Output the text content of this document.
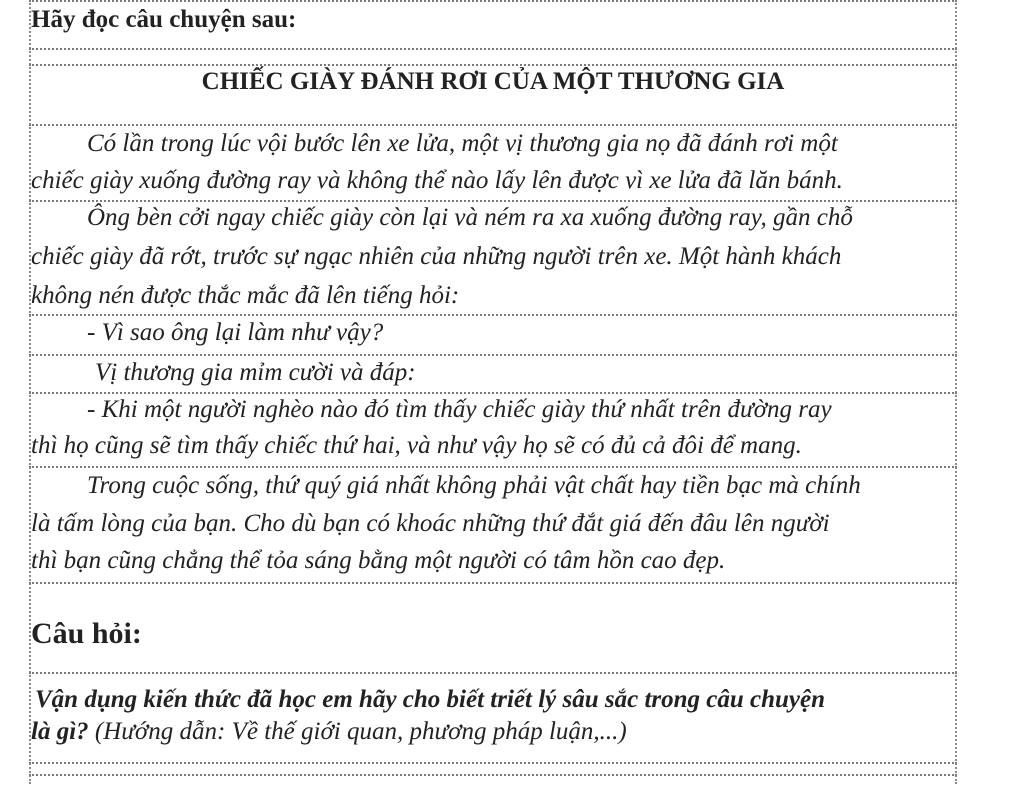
Hãy đọc câu chuyện sau:
CHIẾC GIÀY ĐÁNH RƠI CỦA MỘT THƯƠNG GIA
Có lần trong lúc vội bước lên xe lửa, một vị thương gia nọ đã đánh rơi một
chiếc giày xuống đường ray và không thể nào lấy lên được vì xe lửa đã lăn bánh.
Ông bèn cởi ngay chiếc giày còn lại và ném ra xa xuống đường ray, gần chỗ
chiếc giày đã rớt, trước sự ngạc nhiên của những người trên xe. Một hành khách
không nén được thắc mắc đã lên tiếng hỏi:
- Vì sao ông lại làm như vậy?
Vị thương gia mỉm cười và đáp:
- Khi một người nghèo nào đó tìm thấy chiếc giày thứ nhất trên đường ray
thì họ cũng sẽ tìm thấy chiếc thứ hai, và như vậy họ sẽ có đủ cả đôi để mang.
Trong cuộc sống, thứ quý giá nhất không phải vật chất hay tiền bạc mà chính
là tấm lòng của bạn. Cho dù bạn có khoác những thứ đắt giá đến đâu lên người
thì bạn cũng chẳng thể tỏa sáng bằng một người có tâm hồn cao đẹp.
Câu hỏi:
Vận dụng kiến thức đã học em hãy cho biết triết lý sâu sắc trong câu chuyện
là gì? (Hướng dẫn: Về thế giới quan, phương pháp luận,...)
